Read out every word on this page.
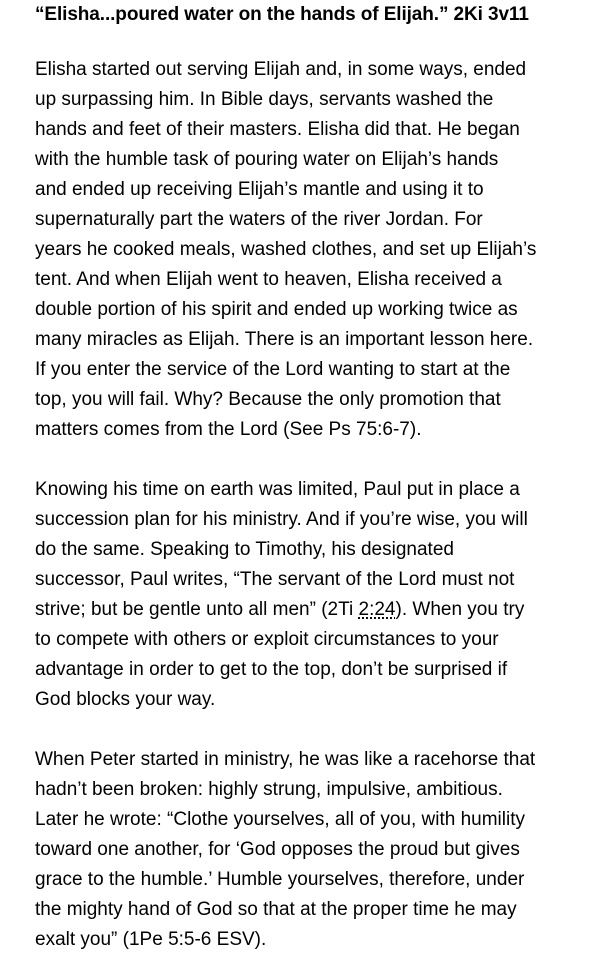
“Elisha...poured water on the hands of Elijah.” 2Ki 3v11

Elisha started out serving Elijah and, in some ways, ended
up surpassing him. In Bible days, servants washed the
hands and feet of their masters. Elisha did that. He began
with the humble task of pouring water on Elijah’s hands
and ended up receiving Elijah’s mantle and using it to
supernaturally part the waters of the river Jordan. For
years he cooked meals, washed clothes, and set up Elijah’s
tent. And when Elijah went to heaven, Elisha received a
double portion of his spirit and ended up working twice as
many miracles as Elijah. There is an important lesson here.
If you enter the service of the Lord wanting to start at the
top, you will fail. Why? Because the only promotion that
matters comes from the Lord (See Ps 75:6-7).

Knowing his time on earth was limited, Paul put in place a
succession plan for his ministry. And if you’re wise, you will
do the same. Speaking to Timothy, his designated
successor, Paul writes, “The servant of the Lord must not
strive; but be gentle unto all men” (2Ti 2:24). When you try
to compete with others or exploit circumstances to your
advantage in order to get to the top, don’t be surprised if
God blocks your way.

When Peter started in ministry, he was like a racehorse that
hadn’t been broken: highly strung, impulsive, ambitious.
Later he wrote: “Clothe yourselves, all of you, with humility
toward one another, for ‘God opposes the proud but gives
grace to the humble.’ Humble yourselves, therefore, under
the mighty hand of God so that at the proper time he may
exalt you” (1Pe 5:5-6 ESV).
